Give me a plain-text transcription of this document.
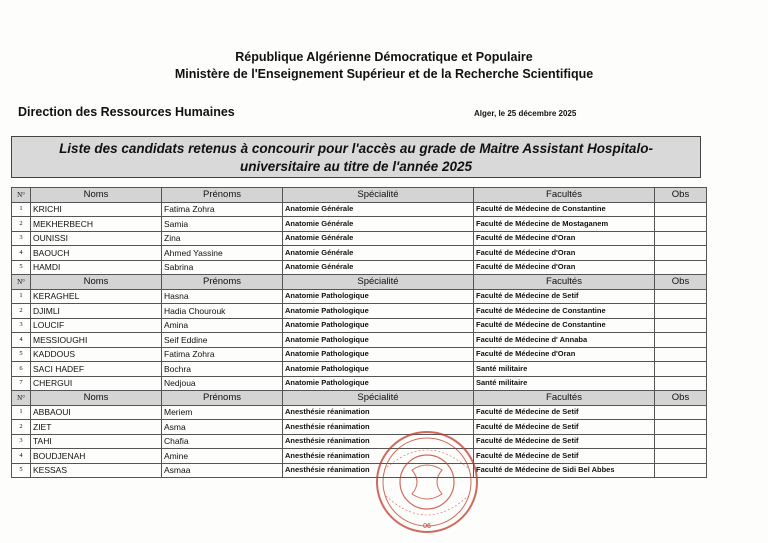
République Algérienne Démocratique et Populaire
Ministère de l'Enseignement Supérieur et de la Recherche Scientifique
Direction des Ressources Humaines	Alger, le 25 décembre 2025
Liste des candidats retenus à concourir pour l'accès au grade de Maitre Assistant Hospitalo-
universitaire au titre de l'année 2025
N°	Noms	Prénoms	Spécialité	Facultés	Obs
1	KRICHI	Fatima Zohra	Anatomie Générale	Faculté de Médecine de Constantine	
2	MEKHERBECH	Samia	Anatomie Générale	Faculté de Médecine de Mostaganem	
3	OUNISSI	Zina	Anatomie Générale	Faculté de Médecine d'Oran	
4	BAOUCH	Ahmed Yassine	Anatomie Générale	Faculté de Médecine d'Oran	
5	HAMDI	Sabrina	Anatomie Générale	Faculté de Médecine d'Oran	
N°	Noms	Prénoms	Spécialité	Facultés	Obs
1	KERAGHEL	Hasna	Anatomie Pathologique	Faculté de Médecine de Setif	
2	DJIMLI	Hadia Chourouk	Anatomie Pathologique	Faculté de Médecine de Constantine	
3	LOUCIF	Amina	Anatomie Pathologique	Faculté de Médecine de Constantine	
4	MESSIOUGHI	Seif Eddine	Anatomie Pathologique	Faculté de Médecine d' Annaba	
5	KADDOUS	Fatima Zohra	Anatomie Pathologique	Faculté de Médecine d'Oran	
6	SACI HADEF	Bochra	Anatomie Pathologique	Santé militaire	
7	CHERGUI	Nedjoua	Anatomie Pathologique	Santé militaire	
N°	Noms	Prénoms	Spécialité	Facultés	Obs
1	ABBAOUI	Meriem	Anesthésie réanimation	Faculté de Médecine de Setif	
2	ZIET	Asma	Anesthésie réanimation	Faculté de Médecine de Setif	
3	TAHI	Chafia	Anesthésie réanimation	Faculté de Médecine de Setif	
4	BOUDJENAH	Amine	Anesthésie réanimation	Faculté de Médecine de Setif	
5	KESSAS	Asmaa	Anesthésie réanimation	Faculté de Médecine de Sidi Bel Abbes	
06
